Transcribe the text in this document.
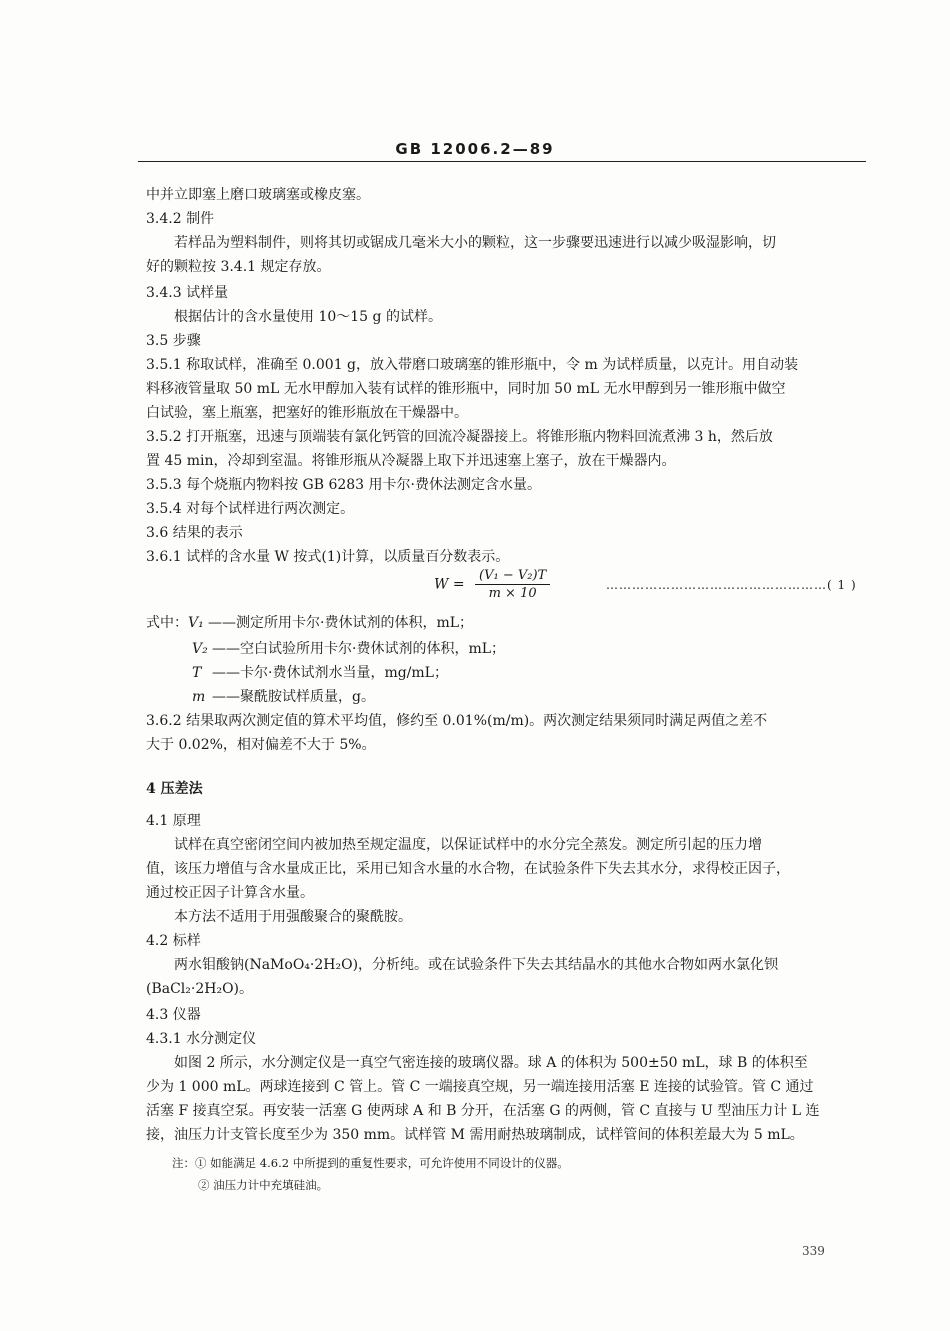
GB 12006.2—89
中并立即塞上磨口玻璃塞或橡皮塞。
3.4.2 制件
若样品为塑料制件，则将其切或锯成几毫米大小的颗粒，这一步骤要迅速进行以减少吸湿影响，切
好的颗粒按 3.4.1 规定存放。
3.4.3 试样量
根据估计的含水量使用 10～15 g 的试样。
3.5 步骤
3.5.1 称取试样，准确至 0.001 g，放入带磨口玻璃塞的锥形瓶中，令 m 为试样质量，以克计。用自动装
料移液管量取 50 mL 无水甲醇加入装有试样的锥形瓶中，同时加 50 mL 无水甲醇到另一锥形瓶中做空
白试验，塞上瓶塞，把塞好的锥形瓶放在干燥器中。
3.5.2 打开瓶塞，迅速与顶端装有氯化钙管的回流冷凝器接上。将锥形瓶内物料回流煮沸 3 h，然后放
置 45 min，冷却到室温。将锥形瓶从冷凝器上取下并迅速塞上塞子，放在干燥器内。
3.5.3 每个烧瓶内物料按 GB 6283 用卡尔·费休法测定含水量。
3.5.4 对每个试样进行两次测定。
3.6 结果的表示
3.6.1 试样的含水量 W 按式(1)计算，以质量百分数表示。
$W = \frac{\text{(V₁ − V₂)T}}{m \times 10}$	……………………………………………( 1 )
式中：V₁ ——测定所用卡尔·费休试剂的体积，mL；
V₂ ——空白试验所用卡尔·费休试剂的体积，mL；
T ——卡尔·费休试剂水当量，mg/mL；
m ——聚酰胺试样质量，g。
3.6.2 结果取两次测定值的算术平均值，修约至 0.01%(m/m)。两次测定结果须同时满足两值之差不
大于 0.02%，相对偏差不大于 5%。
4 压差法
4.1 原理
试样在真空密闭空间内被加热至规定温度，以保证试样中的水分完全蒸发。测定所引起的压力增
值，该压力增值与含水量成正比，采用已知含水量的水合物，在试验条件下失去其水分，求得校正因子，
通过校正因子计算含水量。
本方法不适用于用强酸聚合的聚酰胺。
4.2 标样
两水钼酸钠(NaMoO₄·2H₂O)，分析纯。或在试验条件下失去其结晶水的其他水合物如两水氯化钡
(BaCl₂·2H₂O)。
4.3 仪器
4.3.1 水分测定仪
如图 2 所示，水分测定仪是一真空气密连接的玻璃仪器。球 A 的体积为 500±50 mL，球 B 的体积至
少为 1 000 mL。两球连接到 C 管上。管 C 一端接真空规，另一端连接用活塞 E 连接的试验管。管 C 通过
活塞 F 接真空泵。再安装一活塞 G 使两球 A 和 B 分开，在活塞 G 的两侧，管 C 直接与 U 型油压力计 L 连
接，油压力计支管长度至少为 350 mm。试样管 M 需用耐热玻璃制成，试样管间的体积差最大为 5 mL。
注：① 如能满足 4.6.2 中所提到的重复性要求，可允许使用不同设计的仪器。
② 油压力计中充填硅油。
339
